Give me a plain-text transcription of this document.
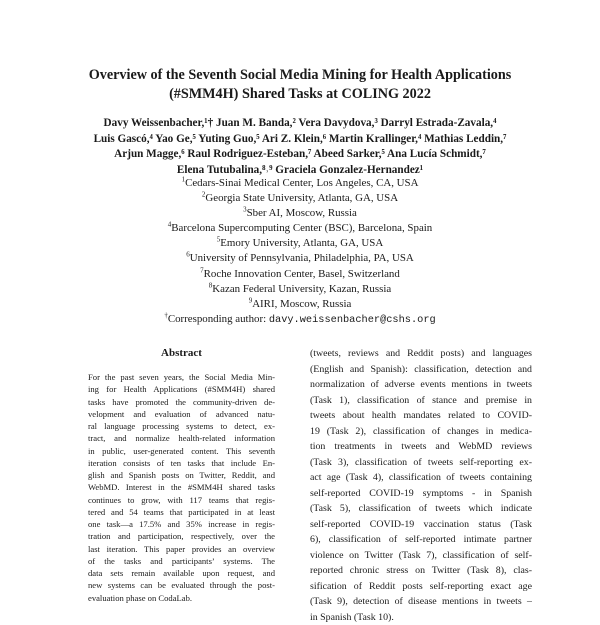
Overview of the Seventh Social Media Mining for Health Applications
(#SMM4H) Shared Tasks at COLING 2022
Davy Weissenbacher,¹† Juan M. Banda,² Vera Davydova,³ Darryl Estrada-Zavala,⁴
Luis Gascó,⁴ Yao Ge,⁵ Yuting Guo,⁵ Ari Z. Klein,⁶ Martin Krallinger,⁴ Mathias Leddin,⁷
Arjun Magge,⁶ Raul Rodriguez-Esteban,⁷ Abeed Sarker,⁵ Ana Lucía Schmidt,⁷
Elena Tutubalina,⁸˒⁹ Graciela Gonzalez-Hernandez¹
$^1$Cedars-Sinai Medical Center, Los Angeles, CA, USA
$^2$Georgia State University, Atlanta, GA, USA
$^3$Sber AI, Moscow, Russia
$^4$Barcelona Supercomputing Center (BSC), Barcelona, Spain
$^5$Emory University, Atlanta, GA, USA
$^6$University of Pennsylvania, Philadelphia, PA, USA
$^7$Roche Innovation Center, Basel, Switzerland
$^8$Kazan Federal University, Kazan, Russia
$^9$AIRI, Moscow, Russia
†Corresponding author: davy.weissenbacher@cshs.org
Abstract
For the past seven years, the Social Media Min-
ing for Health Applications (#SMM4H) shared
tasks have promoted the community-driven de-
velopment and evaluation of advanced natu-
ral language processing systems to detect, ex-
tract, and normalize health-related information
in public, user-generated content. This seventh
iteration consists of ten tasks that include En-
glish and Spanish posts on Twitter, Reddit, and
WebMD. Interest in the #SMM4H shared tasks
continues to grow, with 117 teams that regis-
tered and 54 teams that participated in at least
one task—a 17.5% and 35% increase in regis-
tration and participation, respectively, over the
last iteration. This paper provides an overview
of the tasks and participants’ systems. The
data sets remain available upon request, and
new systems can be evaluated through the post-
evaluation phase on CodaLab.
(tweets, reviews and Reddit posts) and languages
(English and Spanish): classification, detection and
normalization of adverse events mentions in tweets
(Task 1), classification of stance and premise in
tweets about health mandates related to COVID-
19 (Task 2), classification of changes in medica-
tion treatments in tweets and WebMD reviews
(Task 3), classification of tweets self-reporting ex-
act age (Task 4), classification of tweets containing
self-reported COVID-19 symptoms - in Spanish
(Task 5), classification of tweets which indicate
self-reported COVID-19 vaccination status (Task
6), classification of self-reported intimate partner
violence on Twitter (Task 7), classification of self-
reported chronic stress on Twitter (Task 8), clas-
sification of Reddit posts self-reporting exact age
(Task 9), detection of disease mentions in tweets –
in Spanish (Task 10).
